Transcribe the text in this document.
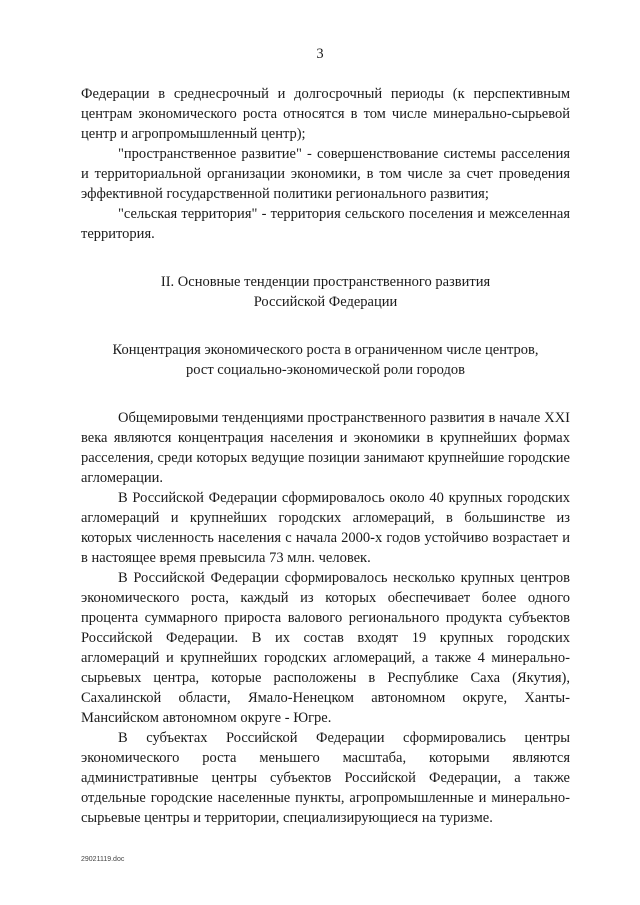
3

Федерации в среднесрочный и долгосрочный периоды (к перспективным центрам экономического роста относятся в том числе минерально-сырьевой центр и агропромышленный центр);

"пространственное развитие" - совершенствование системы расселения и территориальной организации экономики, в том числе за счет проведения эффективной государственной политики регионального развития;

"сельская территория" - территория сельского поселения и межселенная территория.

II. Основные тенденции пространственного развития
Российской Федерации
Концентрация экономического роста в ограниченном числе центров,
рост социально-экономической роли городов

Общемировыми тенденциями пространственного развития в начале XXI века являются концентрация населения и экономики в крупнейших формах расселения, среди которых ведущие позиции занимают крупнейшие городские агломерации.

В Российской Федерации сформировалось около 40 крупных городских агломераций и крупнейших городских агломераций, в большинстве из которых численность населения с начала 2000-х годов устойчиво возрастает и в настоящее время превысила 73 млн. человек.

В Российской Федерации сформировалось несколько крупных центров экономического роста, каждый из которых обеспечивает более одного процента суммарного прироста валового регионального продукта субъектов Российской Федерации. В их состав входят 19 крупных городских агломераций и крупнейших городских агломераций, а также 4 минерально-сырьевых центра, которые расположены в Республике Саха (Якутия), Сахалинской области, Ямало-Ненецком автономном округе, Ханты-Мансийском автономном округе - Югре.

В субъектах Российской Федерации сформировались центры экономического роста меньшего масштаба, которыми являются административные центры субъектов Российской Федерации, а также отдельные городские населенные пункты, агропромышленные и минерально-сырьевые центры и территории, специализирующиеся на туризме.

29021119.doc
